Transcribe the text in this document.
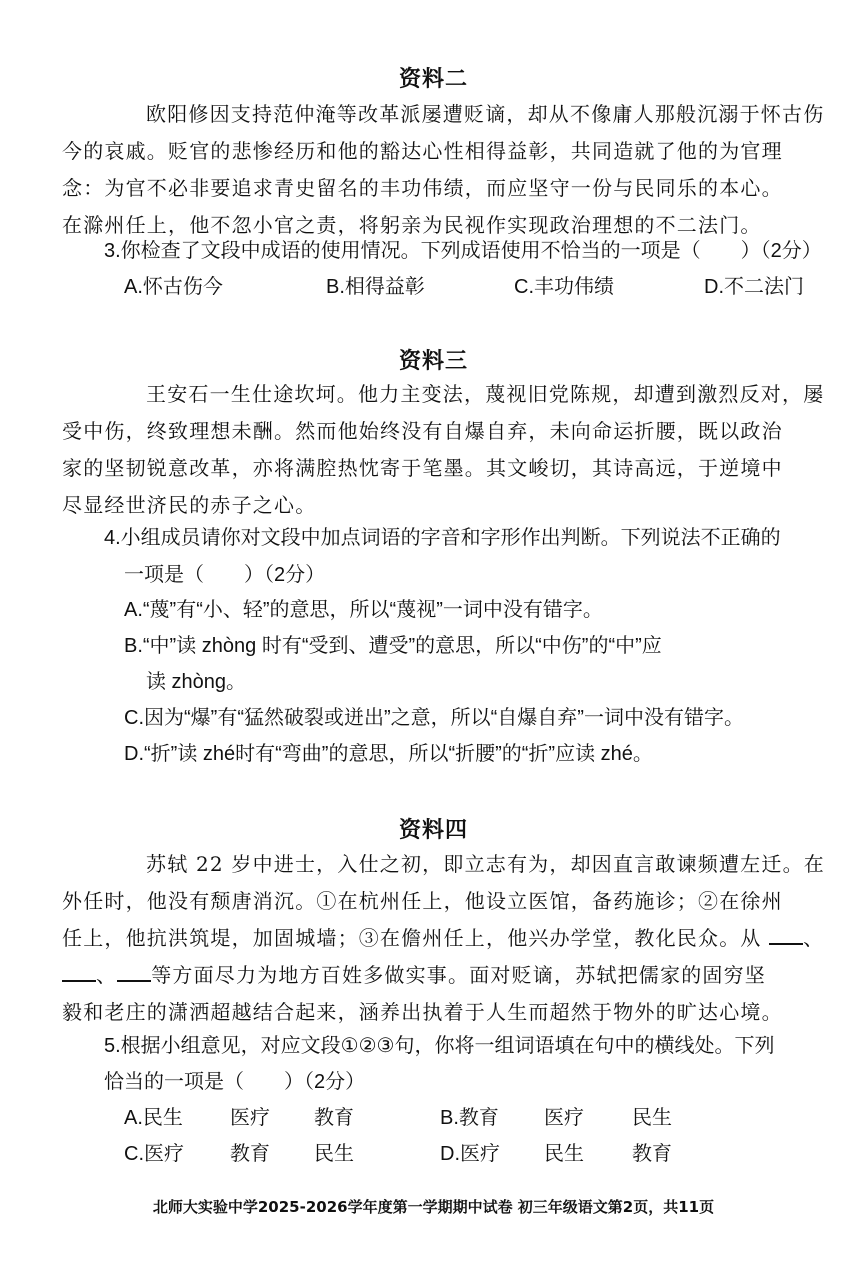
资料二
欧阳修因支持范仲淹等改革派屡遭贬谪，却从不像庸人那般沉溺于怀古伤
今的哀戚。贬官的悲惨经历和他的豁达心性相得益彰，共同造就了他的为官理
念：为官不必非要追求青史留名的丰功伟绩，而应坚守一份与民同乐的本心。
在滁州任上，他不忽小官之责，将躬亲为民视作实现政治理想的不二法门。
3.你检查了文段中成语的使用情况。下列成语使用不恰当的一项是（　　）（2分）
A.怀古伤今	B.相得益彰	C.丰功伟绩	D.不二法门
资料三
王安石一生仕途坎坷。他力主变法，蔑视旧党陈规，却遭到激烈反对，屡
受中伤，终致理想未酬。然而他始终没有自爆自弃，未向命运折腰，既以政治
家的坚韧锐意改革，亦将满腔热忱寄于笔墨。其文峻切，其诗高远，于逆境中
尽显经世济民的赤子之心。
4.小组成员请你对文段中加点词语的字音和字形作出判断。下列说法不正确的
一项是（　　）（2分）
A.“蔑”有“小、轻”的意思，所以“蔑视”一词中没有错字。
B.“中”读 zhòng 时有“受到、遭受”的意思，所以“中伤”的“中”应
读 zhòng。
C.因为“爆”有“猛然破裂或迸出”之意，所以“自爆自弃”一词中没有错字。
D.“折”读 zhé时有“弯曲”的意思，所以“折腰”的“折”应读 zhé。
资料四
苏轼 22 岁中进士，入仕之初，即立志有为，却因直言敢谏频遭左迁。在
外任时，他没有颓唐消沉。①在杭州任上，他设立医馆，备药施诊；②在徐州
任上，他抗洪筑堤，加固城墙；③在儋州任上，他兴办学堂，教化民众。从 、
、 等方面尽力为地方百姓多做实事。面对贬谪，苏轼把儒家的固穷坚
毅和老庄的潇洒超越结合起来，涵养出执着于人生而超然于物外的旷达心境。
5.根据小组意见，对应文段①②③句，你将一组词语填在句中的横线处。下列
恰当的一项是（　　）（2分）
A.民生 医疗 教育	B.教育 医疗 民生
C.医疗 教育 民生	D.医疗 民生 教育
北师大实验中学2025-2026学年度第一学期期中试卷 初三年级语文第2页，共11页
